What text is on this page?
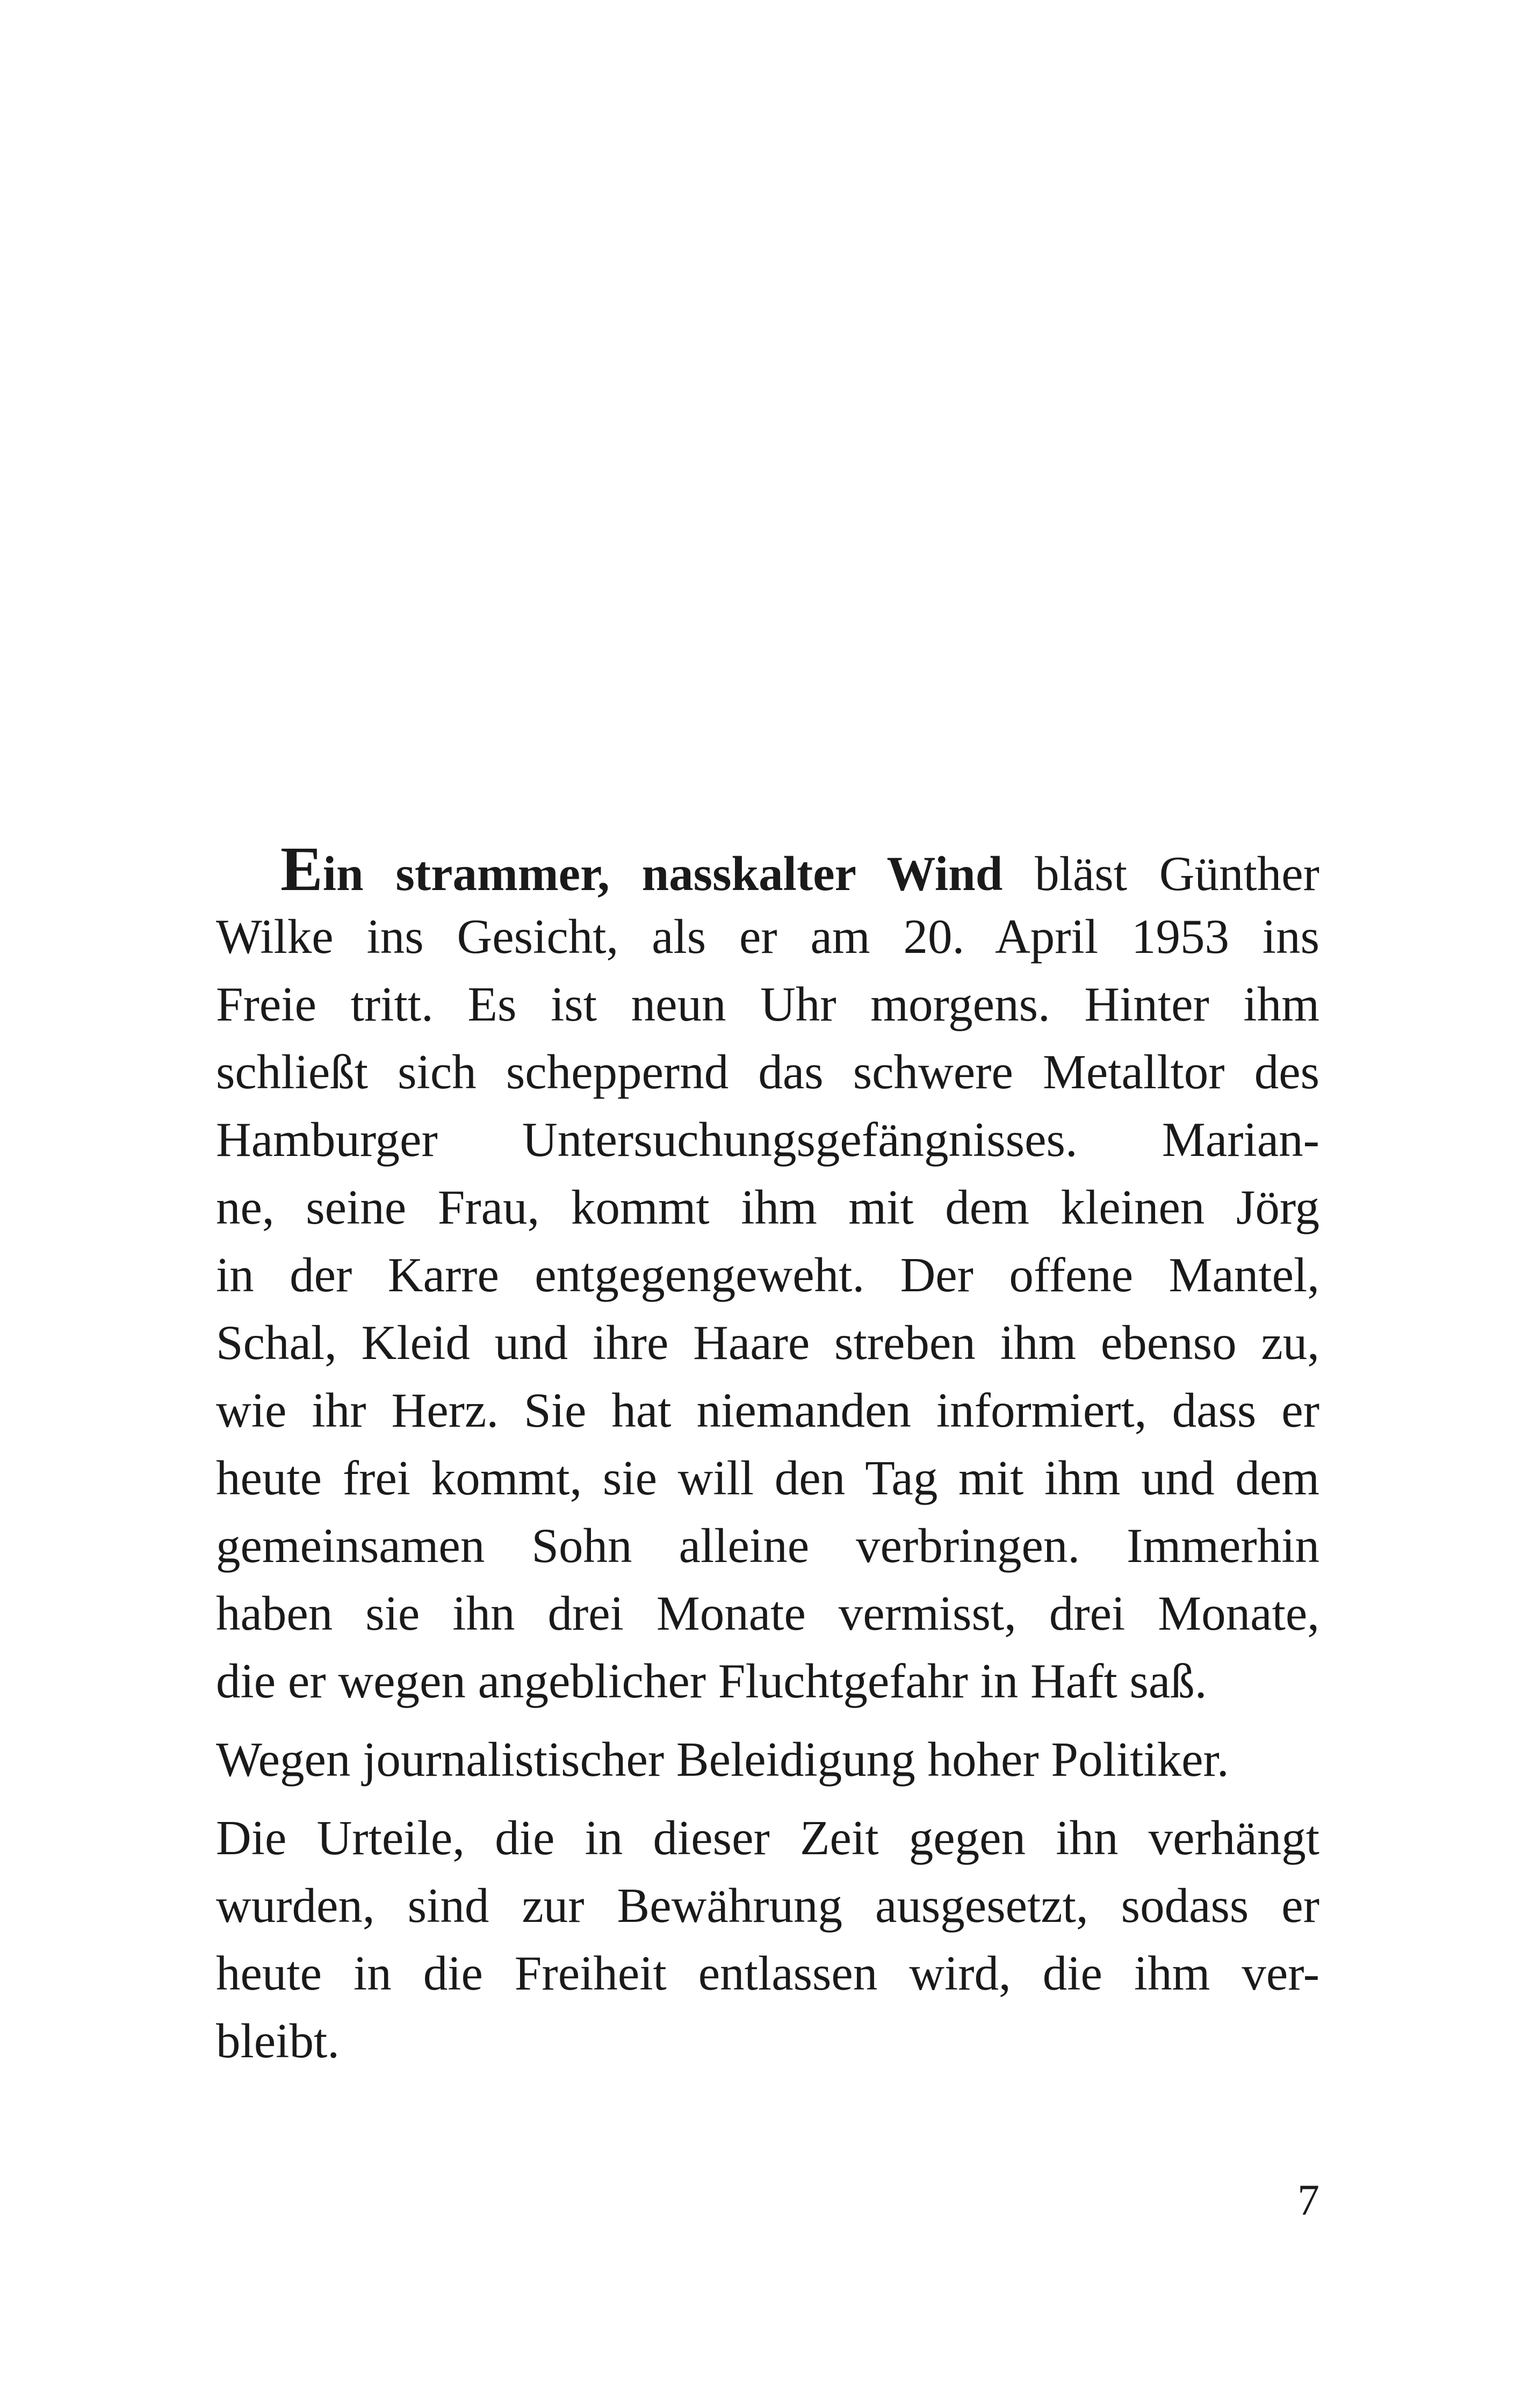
Ein strammer, nasskalter Wind bläst Günther
Wilke ins Gesicht, als er am 20. April 1953 ins
Freie tritt. Es ist neun Uhr morgens. Hinter ihm
schließt sich scheppernd das schwere Metalltor des
Hamburger Untersuchungsgefängnisses. Marian-
ne, seine Frau, kommt ihm mit dem kleinen Jörg
in der Karre entgegengeweht. Der offene Mantel,
Schal, Kleid und ihre Haare streben ihm ebenso zu,
wie ihr Herz. Sie hat niemanden informiert, dass er
heute frei kommt, sie will den Tag mit ihm und dem
gemeinsamen Sohn alleine verbringen. Immerhin
haben sie ihn drei Monate vermisst, drei Monate,
die er wegen angeblicher Fluchtgefahr in Haft saß.
Wegen journalistischer Beleidigung hoher Politiker.
Die Urteile, die in dieser Zeit gegen ihn verhängt
wurden, sind zur Bewährung ausgesetzt, sodass er
heute in die Freiheit entlassen wird, die ihm ver-
bleibt.
7
